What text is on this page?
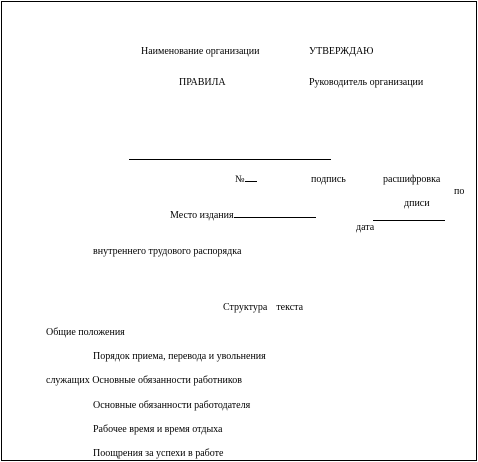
Наименование организации	УТВЕРЖДАЮ
ПРАВИЛА	Руководитель организации
№	подпись	расшифровка
по
дписи
Место издания
дата
внутреннего трудового распорядка
Структура текста
Общие положения
Порядок приема, перевода и увольнения
служащих Основные обязанности работников
Основные обязанности работодателя
Рабочее время и время отдыха
Поощрения за успехи в работе
